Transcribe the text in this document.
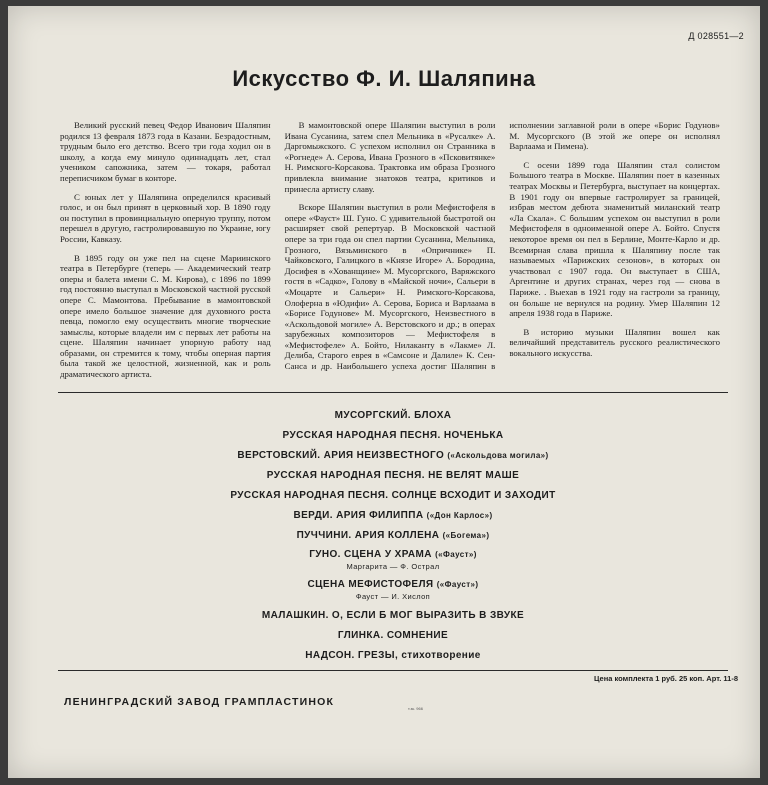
Д 028551—2
Искусство Ф. И. Шаляпина

Великий русский певец Федор Иванович Шаляпин родился 13 февраля 1873 года в Казани. Безрадостным, трудным было его детство. Всего три года ходил он в школу, а когда ему минуло одиннадцать лет, стал учеником сапожника, затем — токаря, работал переписчиком бумаг в конторе.

С юных лет у Шаляпина определился красивый голос, и он был принят в церковный хор. В 1890 году он поступил в провинциальную оперную труппу, потом перешел в другую, гастролировавшую по Украине, югу России, Кавказу.

В 1895 году он уже пел на сцене Мариинского театра в Петербурге (теперь — Академический театр оперы и балета имени С. М. Кирова), с 1896 по 1899 год постоянно выступал в Московской частной русской опере С. Мамонтова. Пребывание в мамонтовской опере имело большое значение для духовного роста певца, помогло ему осуществить многие творческие замыслы, которые владели им с первых лет работы на сцене. Шаляпин начинает упорную работу над образами, он стремится к тому, чтобы оперная партия была такой же целостной, жизненной, как и роль драматического артиста.

В мамонтовской опере Шаляпин выступил в роли Ивана Сусанина, затем спел Мельника в «Русалке» А. Даргомыжского. С успехом исполнил он Странника в «Рогнеде» А. Серова, Ивана Грозного в «Псковитянке» Н. Римского-Корсакова. Трактовка им образа Грозного привлекла внимание знатоков театра, критиков и принесла артисту славу.

Вскоре Шаляпин выступил в роли Мефистофеля в опере «Фауст» Ш. Гуно. С удивительной быстротой он расширяет свой репертуар. В Московской частной опере за три года он спел партии Сусанина, Мельника, Грозного, Вязьминского в «Опричнике» П. Чайковского, Галицкого в «Князе Игоре» А. Бородина, Досифея в «Хованщине» М. Мусоргского, Варяжского гостя в «Садко», Голову в «Майской ночи», Сальери в «Моцарте и Сальери» Н. Римского-Корсакова, Олоферна в «Юдифи» А. Серова, Бориса и Варлаама в «Борисе Годунове» М. Мусоргского, Неизвестного в «Аскольдовой могиле» А. Верстовского и др.; в операх зарубежных композиторов — Мефистофеля в «Мефистофеле» А. Бойто, Нилаканту в «Лакме» Л. Делиба, Старого еврея в «Самсоне и Далиле» К. Сен-Санса и др. Наибольшего успеха достиг Шаляпин в исполнении заглавной роли в опере «Борис Годунов» М. Мусоргского (В этой же опере он исполнял Варлаама и Пимена).

С осени 1899 года Шаляпин стал солистом Большого театра в Москве. Шаляпин поет в казенных театрах Москвы и Петербурга, выступает на концертах. В 1901 году он впервые гастролирует за границей, избрав местом дебюта знаменитый миланский театр «Ла Скала». С большим успехом он выступил в роли Мефистофеля в одноименной опере А. Бойто. Спустя некоторое время он пел в Берлине, Монте-Карло и др. Всемирная слава пришла к Шаляпину после так называемых «Парижских сезонов», в которых он участвовал с 1907 года. Он выступает в США, Аргентине и других странах, через год — снова в Париже. . Выехав в 1921 году на гастроли за границу, он больше не вернулся на родину. Умер Шаляпин 12 апреля 1938 года в Париже.

В историю музыки Шаляпин вошел как величайший представитель русского реалистического вокального искусства.

МУСОРГСКИЙ. БЛОХА
РУССКАЯ НАРОДНАЯ ПЕСНЯ. НОЧЕНЬКА
ВЕРСТОВСКИЙ. АРИЯ НЕИЗВЕСТНОГО («Аскольдова могила»)
РУССКАЯ НАРОДНАЯ ПЕСНЯ. НЕ ВЕЛЯТ МАШЕ
РУССКАЯ НАРОДНАЯ ПЕСНЯ. СОЛНЦЕ ВСХОДИТ И ЗАХОДИТ
ВЕРДИ. АРИЯ ФИЛИППА («Дон Карлос»)
ПУЧЧИНИ. АРИЯ КОЛЛЕНА («Богема»)
ГУНО. СЦЕНА У ХРАМА («Фауст»)
Маргарита — Ф. Острал
СЦЕНА МЕФИСТОФЕЛЯ («Фауст»)
Фауст — И. Хислоп
МАЛАШКИН. О, ЕСЛИ Б МОГ ВЫРАЗИТЬ В ЗВУКЕ
ГЛИНКА. СОМНЕНИЕ
НАДСОН. ГРЕЗЫ, стихотворение
Цена комплекта 1 руб. 25 коп. Арт. 11-8
ЛЕНИНГРАДСКИЙ ЗАВОД ГРАМПЛАСТИНОК
т.зк. 966
